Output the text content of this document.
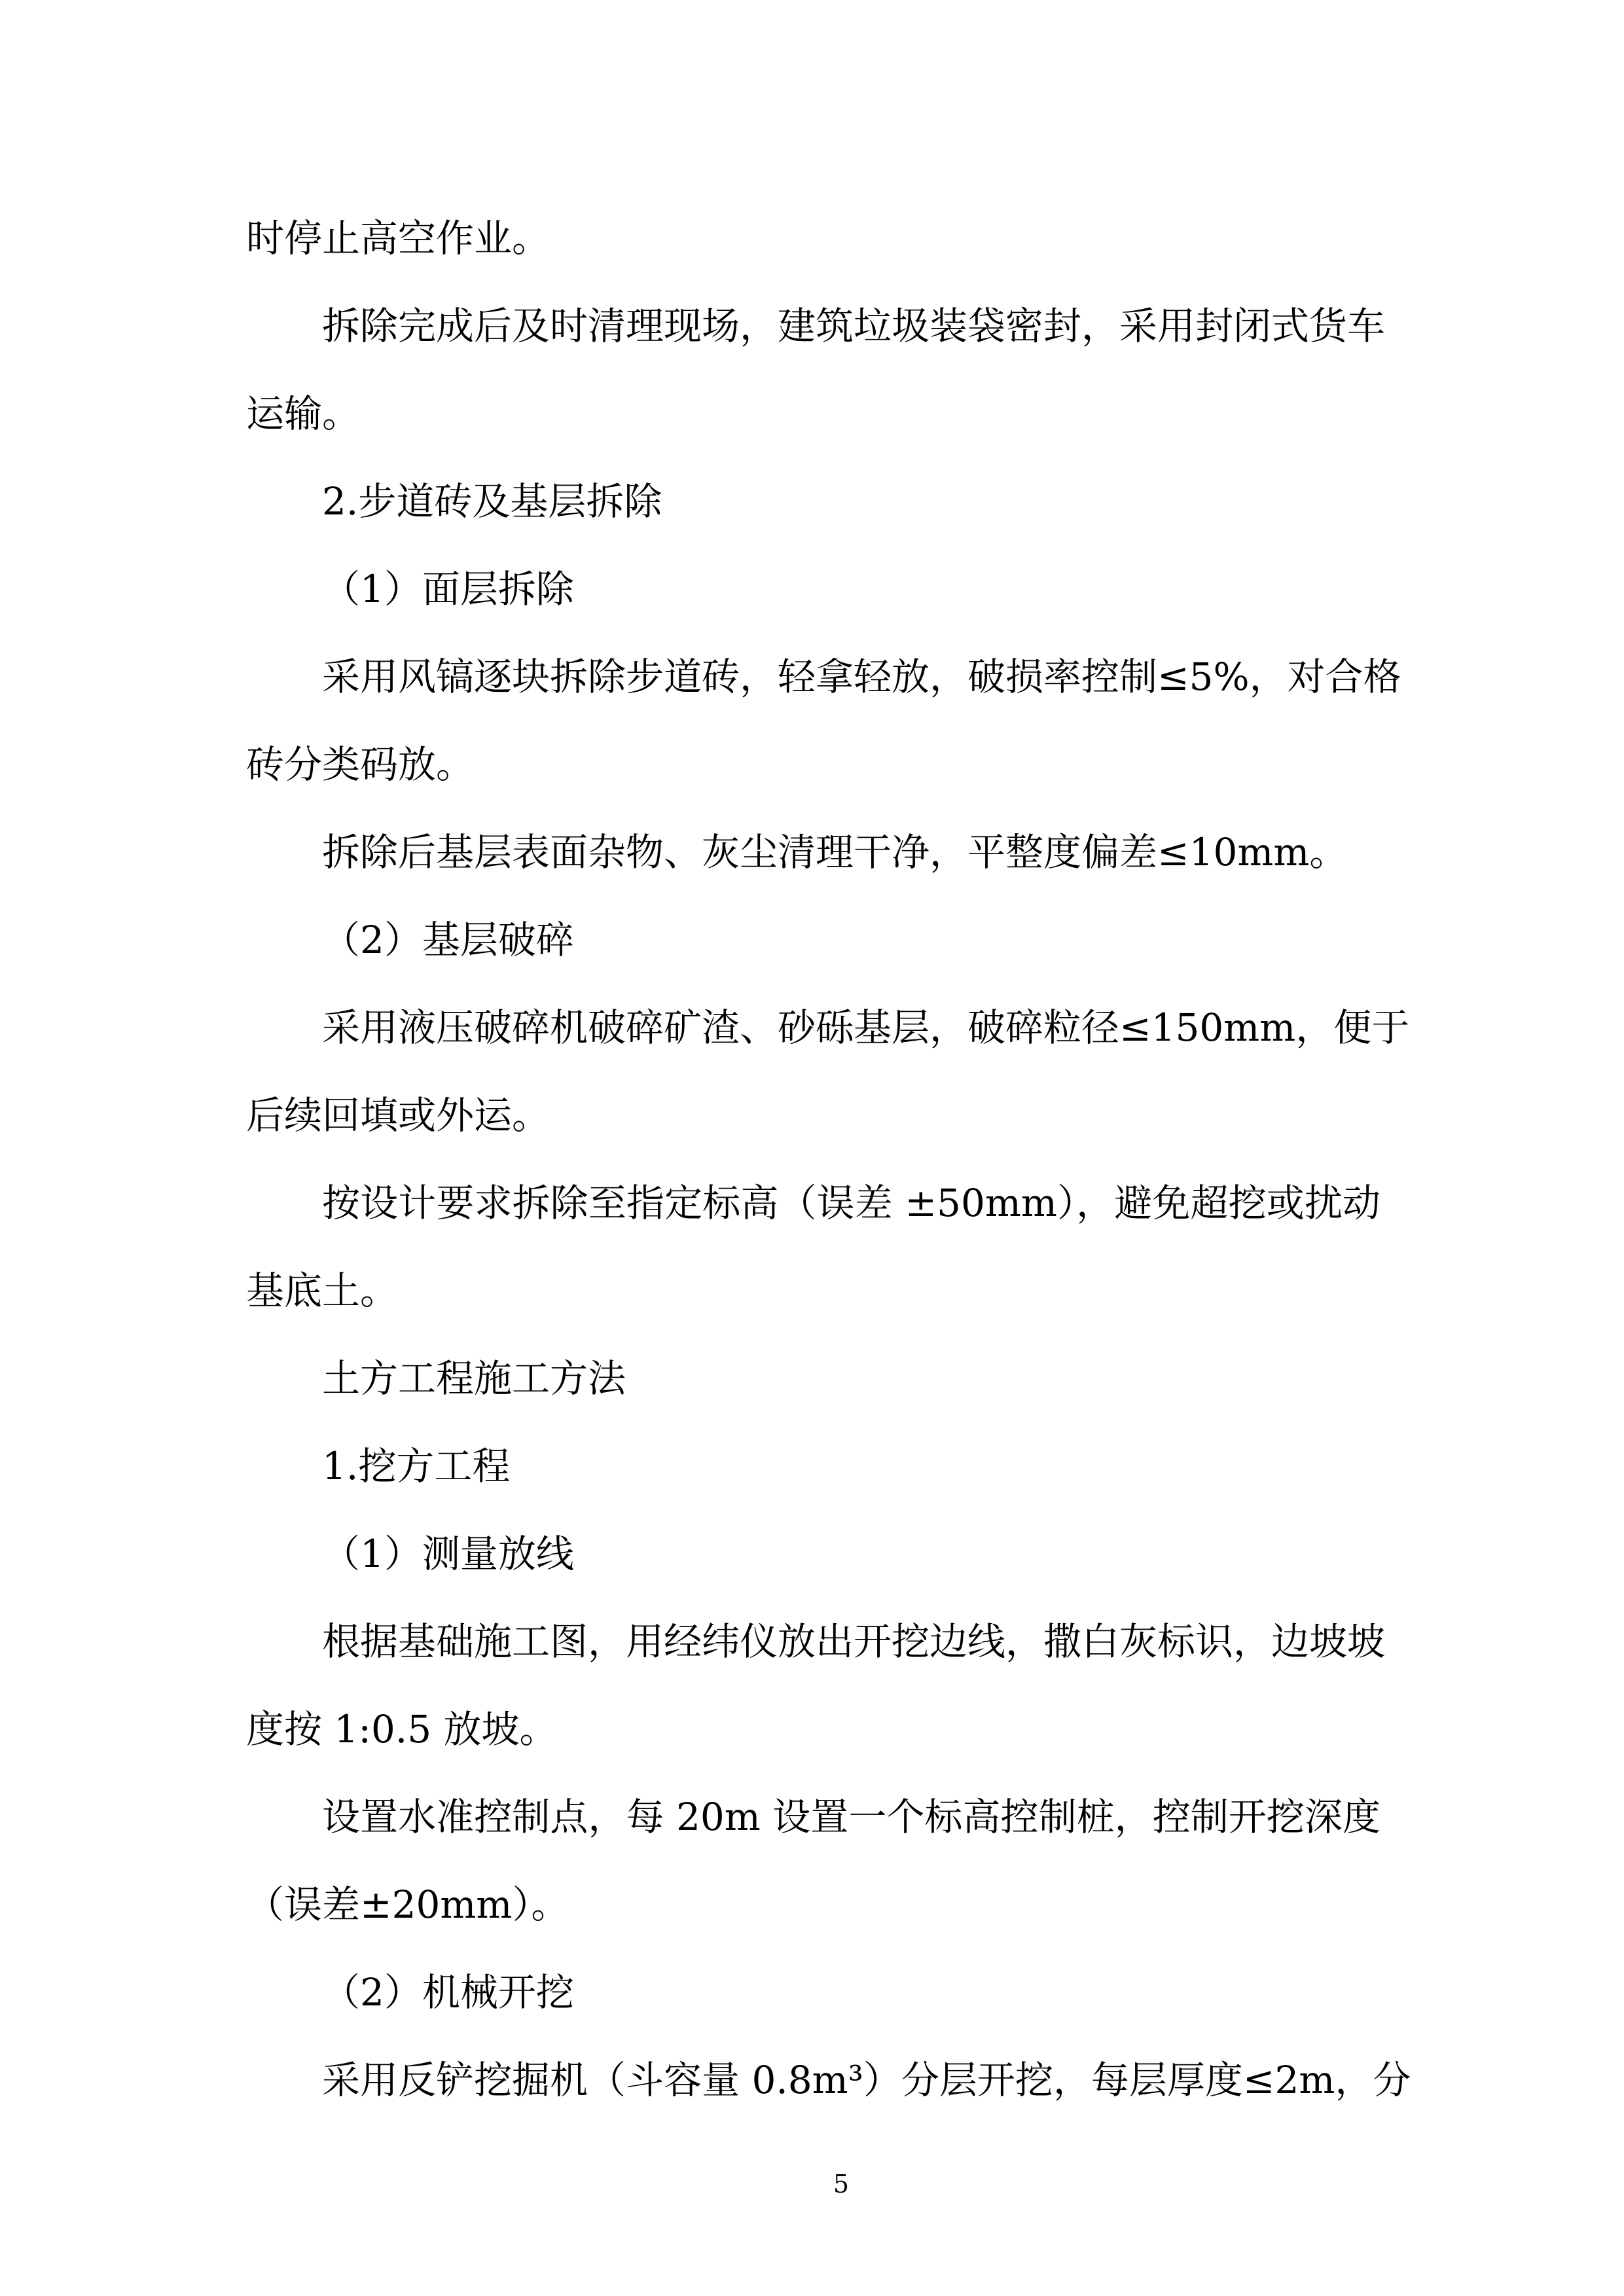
时停止高空作业。
拆除完成后及时清理现场，建筑垃圾装袋密封，采用封闭式货车
运输。
2.步道砖及基层拆除
（1）面层拆除
采用风镐逐块拆除步道砖，轻拿轻放，破损率控制≤5%，对合格
砖分类码放。
拆除后基层表面杂物、灰尘清理干净，平整度偏差≤10mm。
（2）基层破碎
采用液压破碎机破碎矿渣、砂砾基层，破碎粒径≤150mm，便于
后续回填或外运。
按设计要求拆除至指定标高（误差 ±50mm），避免超挖或扰动
基底土。
土方工程施工方法
1.挖方工程
（1）测量放线
根据基础施工图，用经纬仪放出开挖边线，撒白灰标识，边坡坡
度按 1:0.5 放坡。
设置水准控制点，每 20m 设置一个标高控制桩，控制开挖深度
（误差±20mm）。
（2）机械开挖
采用反铲挖掘机（斗容量 0.8m³）分层开挖，每层厚度≤2m，分
5
